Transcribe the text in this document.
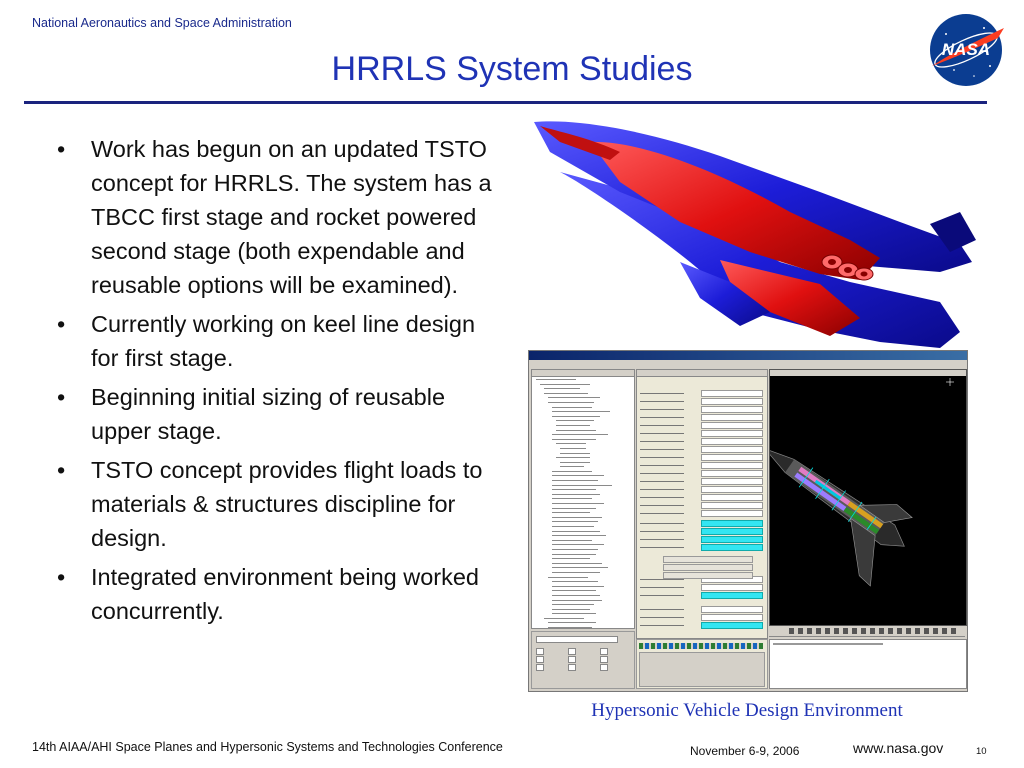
National Aeronautics and Space Administration
NASA
HRRLS System Studies
• Work has begun on an updated TSTO concept for HRRLS. The system has a TBCC first stage and rocket powered second stage (both expendable and reusable options will be examined).
• Currently working on keel line design for first stage.
• Beginning initial sizing of reusable upper stage.
• TSTO concept provides flight loads to materials & structures discipline for design.
• Integrated environment being worked concurrently.
Hypersonic Vehicle Design Environment
14th AIAA/AHI Space Planes and Hypersonic Systems and Technologies Conference	November 6-9, 2006	www.nasa.gov	10
